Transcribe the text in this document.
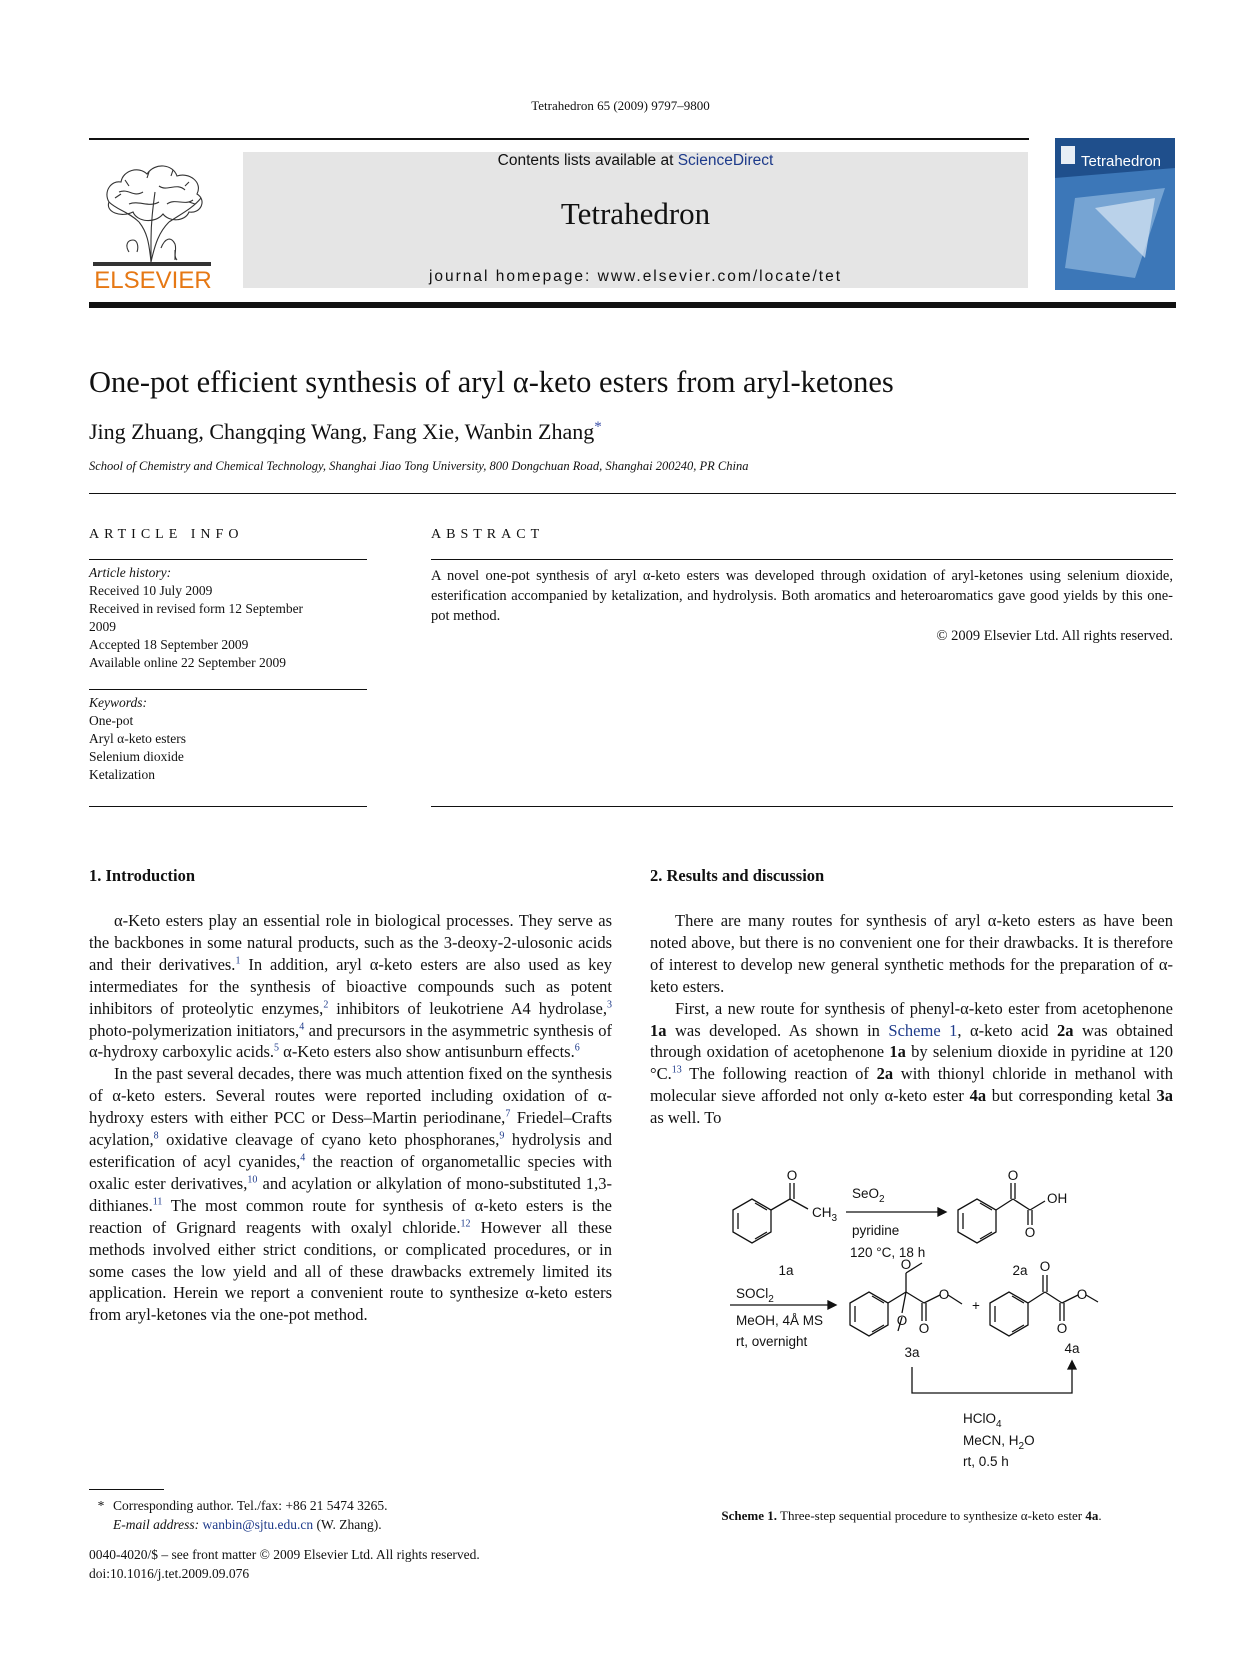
Tetrahedron 65 (2009) 9797–9800
ELSEVIER
Contents lists available at ScienceDirect
Tetrahedron
journal homepage: www.elsevier.com/locate/tet
Tetrahedron
One-pot efficient synthesis of aryl α-keto esters from aryl-ketones
Jing Zhuang, Changqing Wang, Fang Xie, Wanbin Zhang*
School of Chemistry and Chemical Technology, Shanghai Jiao Tong University, 800 Dongchuan Road, Shanghai 200240, PR China
ARTICLE INFO
Article history:
Received 10 July 2009
Received in revised form 12 September
2009
Accepted 18 September 2009
Available online 22 September 2009
Keywords:
One-pot
Aryl α-keto esters
Selenium dioxide
Ketalization
ABSTRACT
A novel one-pot synthesis of aryl α-keto esters was developed through oxidation of aryl-ketones using selenium dioxide, esterification accompanied by ketalization, and hydrolysis. Both aromatics and heteroaromatics gave good yields by this one-pot method.
© 2009 Elsevier Ltd. All rights reserved.
1. Introduction

α-Keto esters play an essential role in biological processes. They serve as the backbones in some natural products, such as the 3-deoxy-2-ulosonic acids and their derivatives.$^1$ In addition, aryl α-keto esters are also used as key intermediates for the synthesis of bioactive compounds such as potent inhibitors of proteolytic enzymes,$^2$ inhibitors of leukotriene A4 hydrolase,$^3$ photo-polymerization initiators,$^4$ and precursors in the asymmetric synthesis of α-hydroxy carboxylic acids.$^5$ α-Keto esters also show antisunburn effects.$^6$

In the past several decades, there was much attention fixed on the synthesis of α-keto esters. Several routes were reported including oxidation of α-hydroxy esters with either PCC or Dess–Martin periodinane,$^7$ Friedel–Crafts acylation,$^8$ oxidative cleavage of cyano keto phosphoranes,$^9$ hydrolysis and esterification of acyl cyanides,$^4$ the reaction of organometallic species with oxalic ester derivatives,$^{10}$ and acylation or alkylation of mono-substituted 1,3-dithianes.$^{11}$ The most common route for synthesis of α-keto esters is the reaction of Grignard reagents with oxalyl chloride.$^{12}$ However all these methods involved either strict conditions, or complicated procedures, or in some cases the low yield and all of these drawbacks extremely limited its application. Herein we report a convenient route to synthesize α-keto esters from aryl-ketones via the one-pot method.

2. Results and discussion

There are many routes for synthesis of aryl α-keto esters as have been noted above, but there is no convenient one for their drawbacks. It is therefore of interest to develop new general synthetic methods for the preparation of α-keto esters.

First, a new route for synthesis of phenyl-α-keto ester from acetophenone 1a was developed. As shown in Scheme 1, α-keto acid 2a was obtained through oxidation of acetophenone 1a by selenium dioxide in pyridine at 120 °C.$^{13}$ The following reaction of 2a with thionyl chloride in methanol with molecular sieve afforded not only α-keto ester 4a but corresponding ketal 3a as well. To

O
$CH_3$
1a
SeO$_2$
pyridine
120 °C, 18 h
O
O
OH
2a
SOCl$_2$
MeOH, 4Å MS
rt, overnight
O
O
O
O
3a
+
O
O
O
4a
HClO$_4$
MeCN, $H_2O$
rt, 0.5 h
Scheme 1. Three-step sequential procedure to synthesize α-keto ester 4a.
* Corresponding author. Tel./fax: +86 21 5474 3265.
E-mail address: wanbin@sjtu.edu.cn (W. Zhang).
0040-4020/$ – see front matter © 2009 Elsevier Ltd. All rights reserved.
doi:10.1016/j.tet.2009.09.076
